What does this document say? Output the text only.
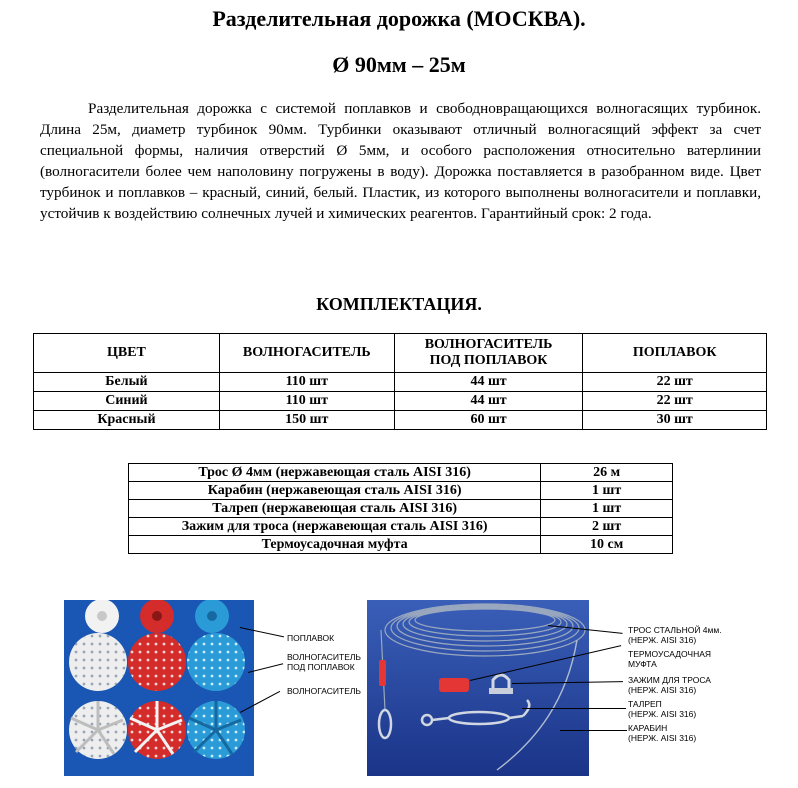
Разделительная дорожка (МОСКВА).
Ø 90мм – 25м
Разделительная дорожка с системой поплавков и свободновращающихся волногасящих турбинок. Длина 25м, диаметр турбинок 90мм. Турбинки оказывают отличный волногасящий эффект за счет специальной формы, наличия отверстий Ø 5мм, и особого расположения относительно ватерлинии (волногасители более чем наполовину погружены в воду). Дорожка поставляется в разобранном виде. Цвет турбинок и поплавков – красный, синий, белый. Пластик, из которого выполнены волногасители и поплавки, устойчив к воздействию солнечных лучей и химических реагентов. Гарантийный срок: 2 года.
КОМПЛЕКТАЦИЯ.
ЦВЕТ	ВОЛНОГАСИТЕЛЬ	ВОЛНОГАСИТЕЛЬ ПОД ПОПЛАВОК	ПОПЛАВОК
Белый	110 шт	44 шт	22 шт
Синий	110 шт	44 шт	22 шт
Красный	150 шт	60 шт	30 шт
Трос Ø 4мм (нержавеющая сталь AISI 316)	26 м
Карабин (нержавеющая сталь AISI 316)	1 шт
Талреп (нержавеющая сталь AISI 316)	1 шт
Зажим для троса (нержавеющая сталь AISI 316)	2 шт
Термоусадочная муфта	10 см
ПОПЛАВОК
ВОЛНОГАСИТЕЛЬ
ПОД ПОПЛАВОК
ВОЛНОГАСИТЕЛЬ
ТРОС СТАЛЬНОЙ 4мм.
(НЕРЖ. AISI 316)
ТЕРМОУСАДОЧНАЯ
МУФТА
ЗАЖИМ ДЛЯ ТРОСА
(НЕРЖ. AISI 316)
ТАЛРЕП
(НЕРЖ. AISI 316)
КАРАБИН
(НЕРЖ. AISI 316)
